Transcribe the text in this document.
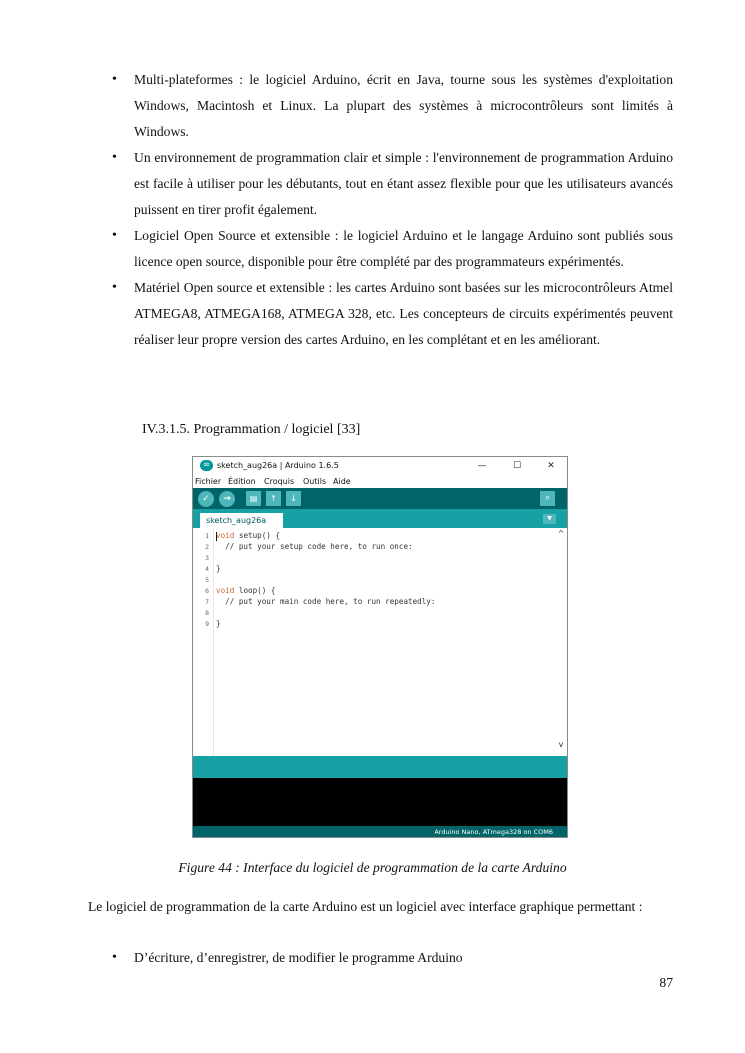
• Multi-plateformes : le logiciel Arduino, écrit en Java, tourne sous les systèmes d'exploitation Windows, Macintosh et Linux. La plupart des systèmes à microcontrôleurs sont limités à Windows.
• Un environnement de programmation clair et simple : l'environnement de programmation Arduino est facile à utiliser pour les débutants, tout en étant assez flexible pour que les utilisateurs avancés puissent en tirer profit également.
• Logiciel Open Source et extensible : le logiciel Arduino et le langage Arduino sont publiés sous licence open source, disponible pour être complété par des programmateurs expérimentés.
• Matériel Open source et extensible : les cartes Arduino sont basées sur les microcontrôleurs Atmel ATMEGA8, ATMEGA168, ATMEGA 328, etc. Les concepteurs de circuits expérimentés peuvent réaliser leur propre version des cartes Arduino, en les complétant et en les améliorant.
IV.3.1.5. Programmation / logiciel [33]
∞
sketch_aug26a | Arduino 1.6.5	—	☐	✕
Fichier Édition Croquis Outils Aide
✓	→	▤	↑	↓	⌕
sketch_aug26a	▼
1
2
3
4
5
6
7
8
9
void setup() {
// put your setup code here, to run once:
}
void loop() {
// put your main code here, to run repeatedly:
}
^
v
Arduino Nano, ATmega328 on COM6
Figure 44 : Interface du logiciel de programmation de la carte Arduino

Le logiciel de programmation de la carte Arduino est un logiciel avec interface graphique permettant :

• D’écriture, d’enregistrer, de modifier le programme Arduino
87
